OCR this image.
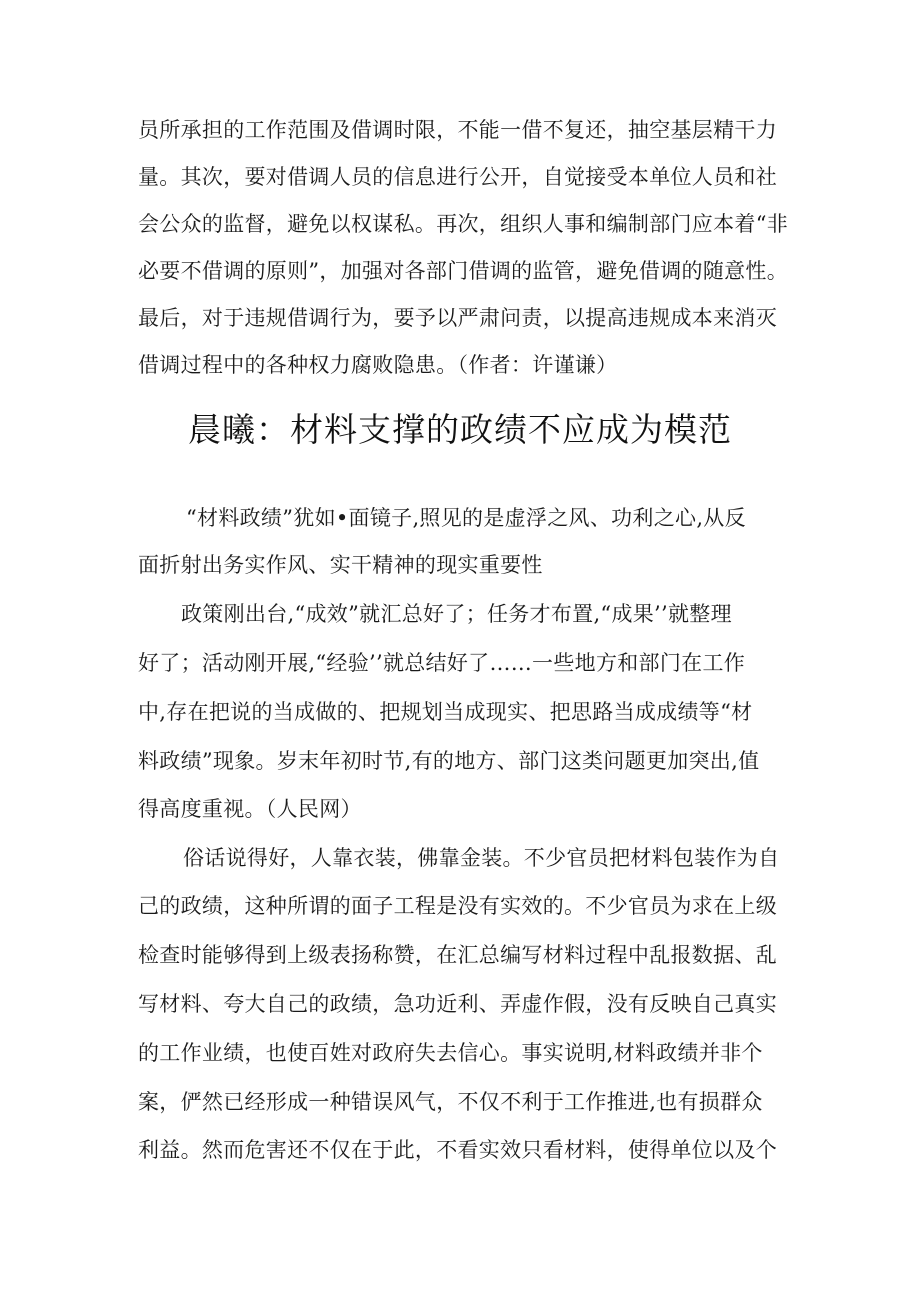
员所承担的工作范围及借调时限，不能一借不复还，抽空基层精干力
量。其次，要对借调人员的信息进行公开，自觉接受本单位人员和社
会公众的监督，避免以权谋私。再次，组织人事和编制部门应本着“非
必要不借调的原则”，加强对各部门借调的监管，避免借调的随意性。
最后，对于违规借调行为，要予以严肃问责，以提高违规成本来消灭
借调过程中的各种权力腐败隐患。（作者：许谨谦）
晨曦：材料支撑的政绩不应成为模范
“材料政绩”犹如•面镜子,照见的是虚浮之风、功利之心,从反
面折射出务实作风、实干精神的现实重要性
政策刚出台,“成效”就汇总好了；任务才布置,“成果’’就整理
好了；活动刚开展,“经验’’就总结好了……一些地方和部门在工作
中,存在把说的当成做的、把规划当成现实、把思路当成成绩等“材
料政绩”现象。岁末年初时节,有的地方、部门这类问题更加突出,值
得高度重视。（人民网）
俗话说得好，人靠衣装，佛靠金装。不少官员把材料包装作为自
己的政绩，这种所谓的面子工程是没有实效的。不少官员为求在上级
检查时能够得到上级表扬称赞，在汇总编写材料过程中乱报数据、乱
写材料、夸大自己的政绩，急功近利、弄虚作假，没有反映自己真实
的工作业绩，也使百姓对政府失去信心。事实说明,材料政绩并非个
案，俨然已经形成一种错误风气，不仅不利于工作推进,也有损群众
利益。然而危害还不仅在于此，不看实效只看材料，使得单位以及个
